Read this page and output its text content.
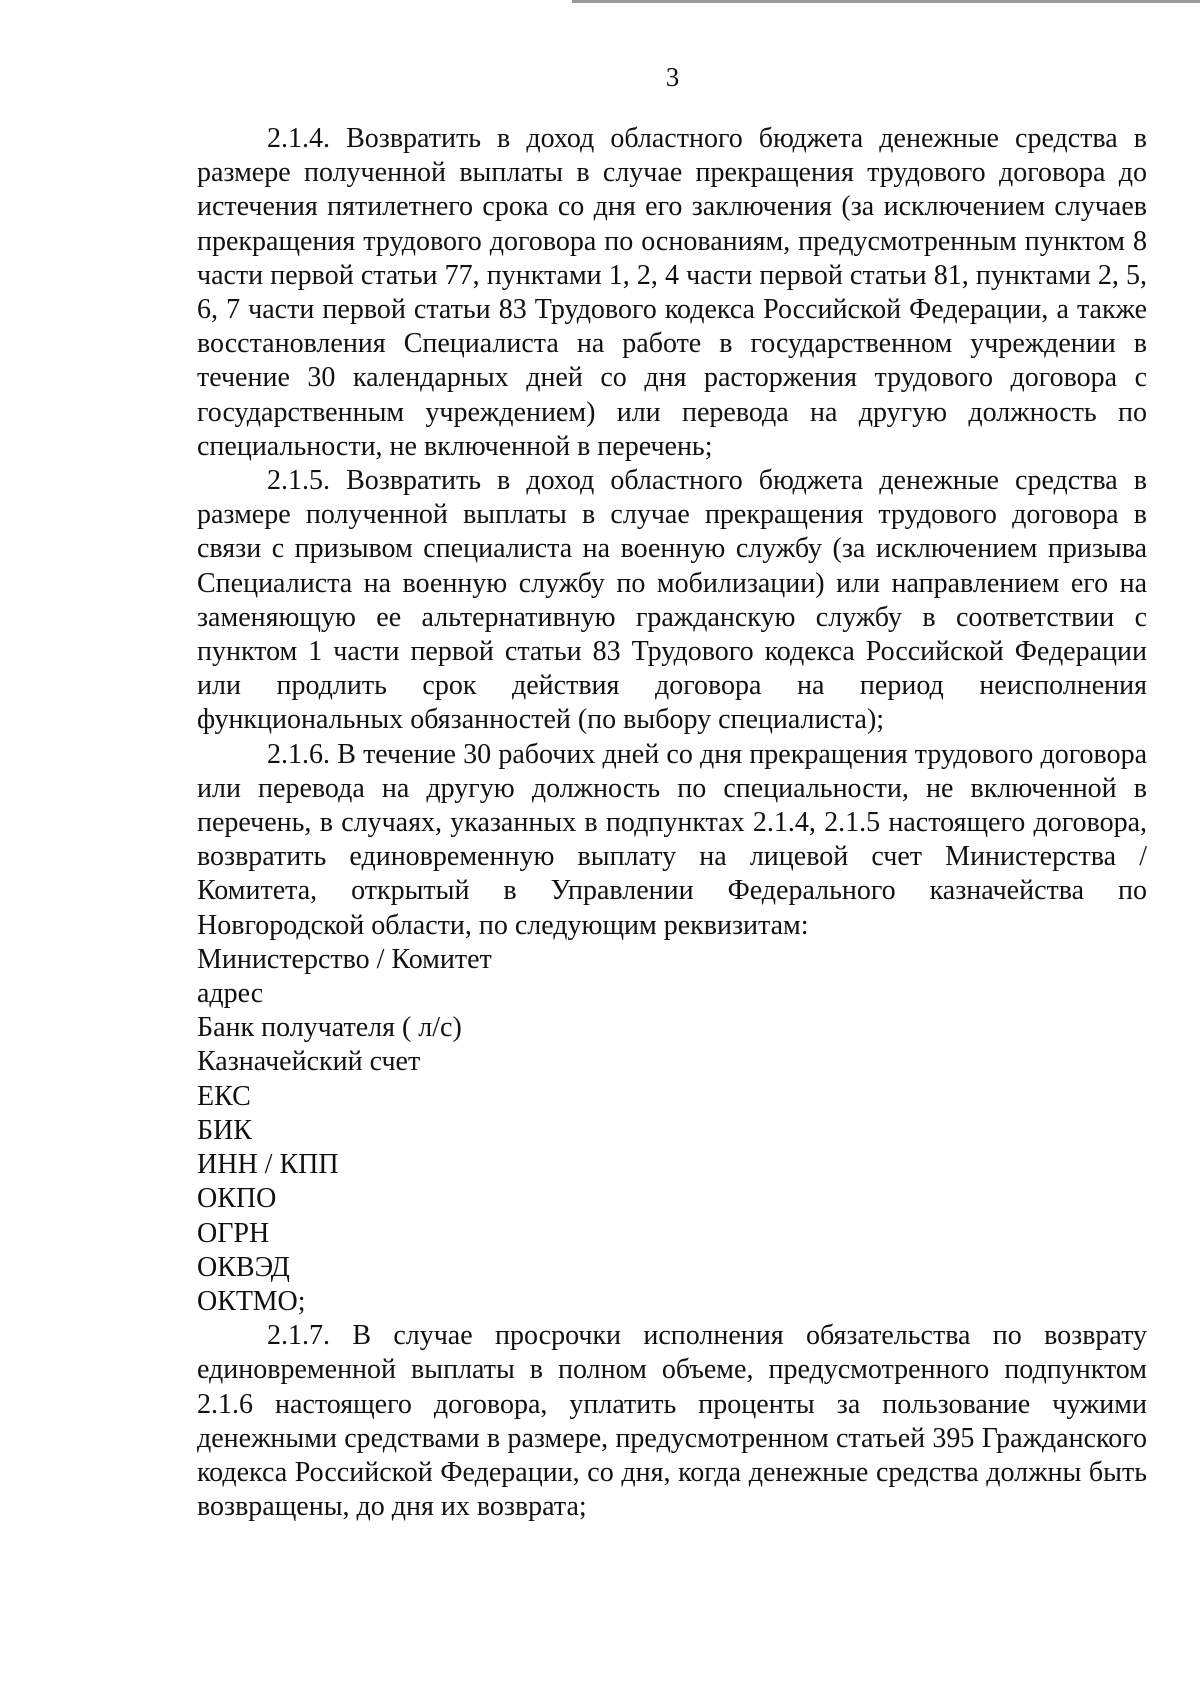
3

2.1.4. Возвратить в доход областного бюджета денежные средства в размере полученной выплаты в случае прекращения трудового договора до истечения пятилетнего срока со дня его заключения (за исключением случаев прекращения трудового договора по основаниям, предусмотренным пунктом 8 части первой статьи 77, пунктами 1, 2, 4 части первой статьи 81, пунктами 2, 5, 6, 7 части первой статьи 83 Трудового кодекса Российской Федерации, а также восстановления Специалиста на работе в государственном учреждении в течение 30 календарных дней со дня расторжения трудового договора с государственным учреждением) или перевода на другую должность по специальности, не включенной в перечень;

2.1.5. Возвратить в доход областного бюджета денежные средства в размере полученной выплаты в случае прекращения трудового договора в связи с призывом специалиста на военную службу (за исключением призыва Специалиста на военную службу по мобилизации) или направлением его на заменяющую ее альтернативную гражданскую службу в соответствии с пунктом 1 части первой статьи 83 Трудового кодекса Российской Федерации или продлить срок действия договора на период неисполнения функциональных обязанностей (по выбору специалиста);

2.1.6. В течение 30 рабочих дней со дня прекращения трудового договора или перевода на другую должность по специальности, не включенной в перечень, в случаях, указанных в подпунктах 2.1.4, 2.1.5 настоящего договора, возвратить единовременную выплату на лицевой счет Министерства / Комитета, открытый в Управлении Федерального казначейства по Новгородской области, по следующим реквизитам:

Министерство / Комитет

адрес

Банк получателя ( л/с)

Казначейский счет

ЕКС

БИК

ИНН / КПП

ОКПО

ОГРН

ОКВЭД

ОКТМО;

2.1.7. В случае просрочки исполнения обязательства по возврату единовременной выплаты в полном объеме, предусмотренного подпунктом 2.1.6 настоящего договора, уплатить проценты за пользование чужими денежными средствами в размере, предусмотренном статьей 395 Гражданского кодекса Российской Федерации, со дня, когда денежные средства должны быть возвращены, до дня их возврата;
